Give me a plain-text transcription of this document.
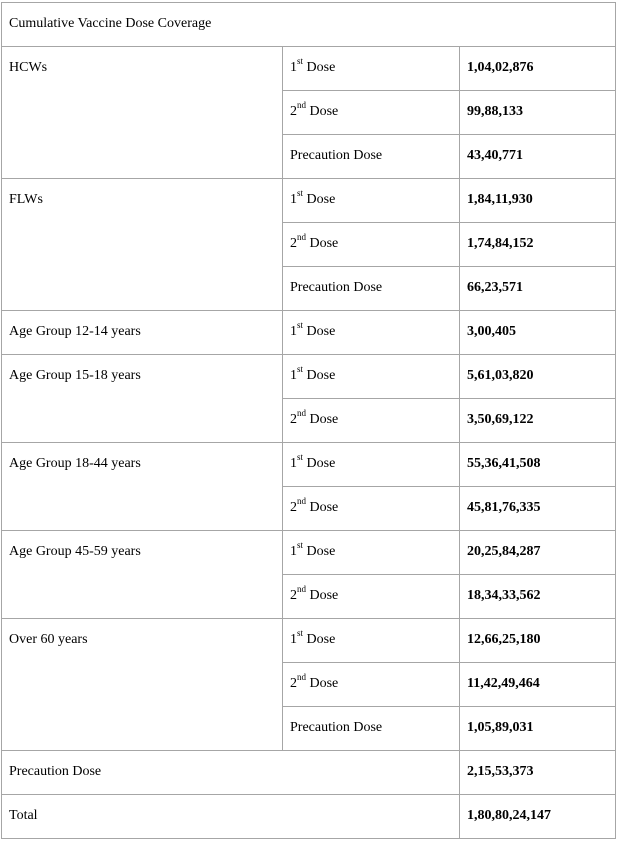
Cumulative Vaccine Dose Coverage		

HCWs	1st Dose	1,04,02,876

	2nd Dose	99,88,133

	Precaution Dose	43,40,771

FLWs	1st Dose	1,84,11,930

	2nd Dose	1,74,84,152

	Precaution Dose	66,23,571

Age Group 12-14 years	1st Dose	3,00,405

Age Group 15-18 years	1st Dose	5,61,03,820

	2nd Dose	3,50,69,122

Age Group 18-44 years	1st Dose	55,36,41,508

	2nd Dose	45,81,76,335

Age Group 45-59 years	1st Dose	20,25,84,287

	2nd Dose	18,34,33,562

Over 60 years	1st Dose	12,66,25,180

	2nd Dose	11,42,49,464

	Precaution Dose	1,05,89,031

Precaution Dose		2,15,53,373

Total		1,80,80,24,147
